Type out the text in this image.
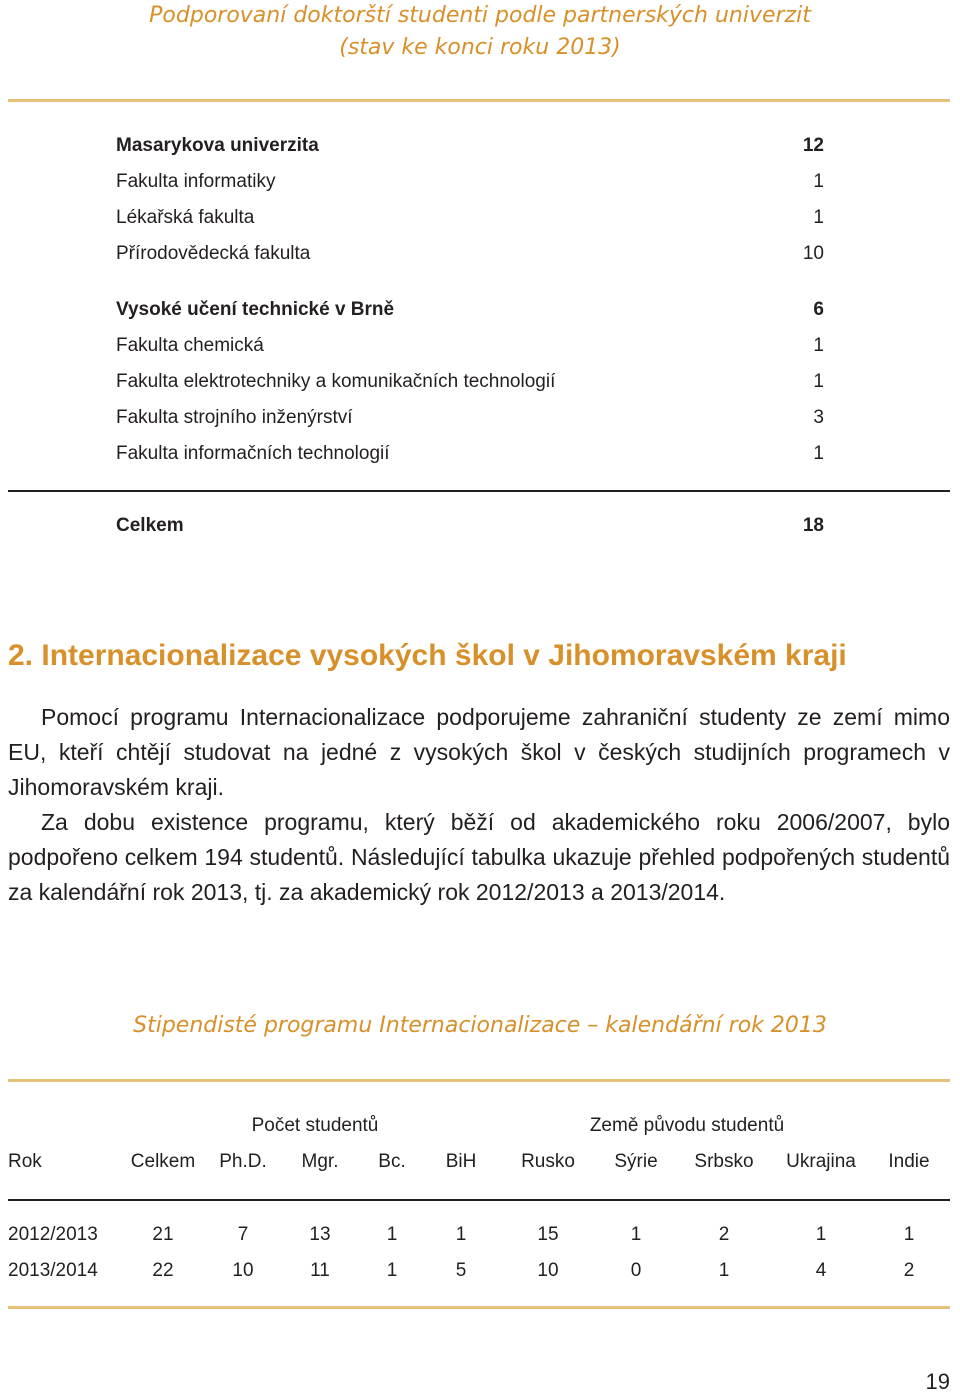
Podporovaní doktorští studenti podle partnerských univerzit
(stav ke konci roku 2013)
Masarykova univerzita	12
Fakulta informatiky	1
Lékařská fakulta	1
Přírodovědecká fakulta	10
Vysoké učení technické v Brně	6
Fakulta chemická	1
Fakulta elektrotechniky a komunikačních technologií	1
Fakulta strojního inženýrství	3
Fakulta informačních technologií	1
Celkem	18
2. Internacionalizace vysokých škol v Jihomoravském kraji
Pomocí programu Internacionalizace podporujeme zahraniční studenty ze zemí mimo EU, kteří chtějí studovat na jedné z vysokých škol v českých studijních programech v Jihomoravském kraji.
Za dobu existence programu, který běží od akademického roku 2006/2007, bylo podpořeno celkem 194 studentů. Následující tabulka ukazuje přehled podpořených studentů za kalendářní rok 2013, tj. za akademický rok 2012/2013 a 2013/2014.
Stipendisté programu Internacionalizace – kalendářní rok 2013
		Počet studentů			Země původu studentů					
Rok	Celkem	Ph.D.	Mgr.	Bc.	BiH	Rusko	Sýrie	Srbsko	Ukrajina	Indie
2012/2013	21	7	13	1	1	15	1	2	1	1
2013/2014	22	10	11	1	5	10	0	1	4	2
19
